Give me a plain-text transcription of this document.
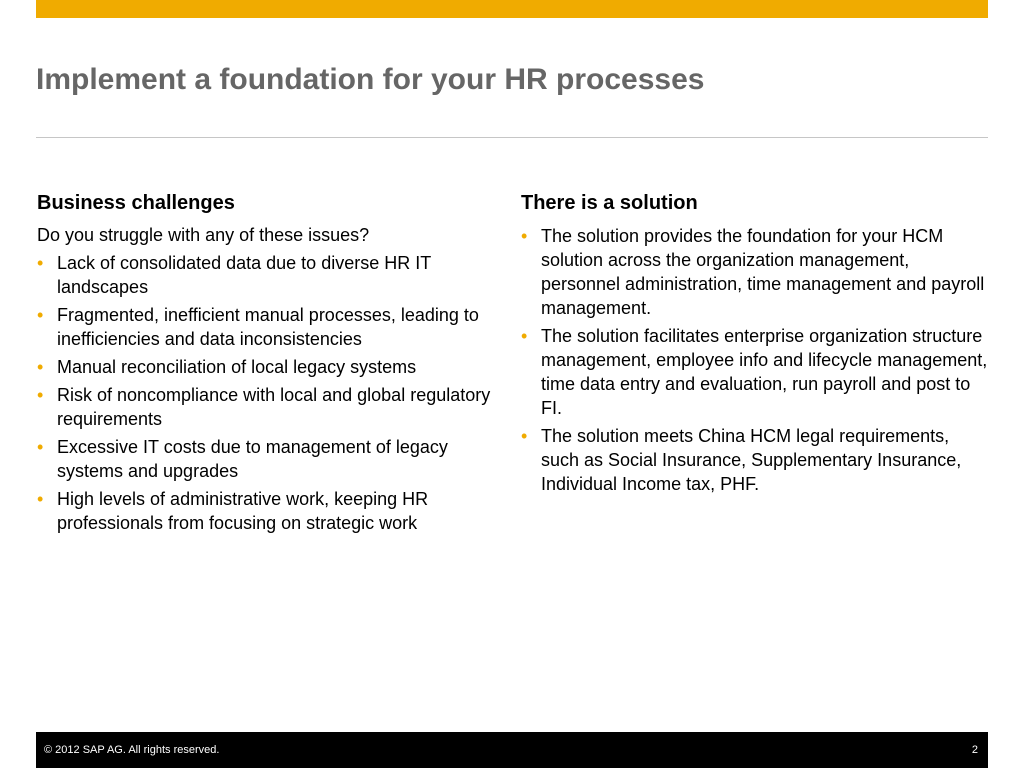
Implement a foundation for your HR processes
Business challenges

Do you struggle with any of these issues?

• Lack of consolidated data due to diverse HR IT landscapes
• Fragmented, inefficient manual processes, leading to inefficiencies and data inconsistencies
• Manual reconciliation of local legacy systems
• Risk of noncompliance with local and global regulatory requirements
• Excessive IT costs due to management of legacy systems and upgrades
• High levels of administrative work, keeping HR professionals from focusing on strategic work
There is a solution
• The solution provides the foundation for your HCM solution across the organization management, personnel administration, time management and payroll management.
• The solution facilitates enterprise organization structure management, employee info and lifecycle management, time data entry and evaluation, run payroll and post to FI.
• The solution meets China HCM legal requirements, such as Social Insurance, Supplementary Insurance, Individual Income tax, PHF.
© 2012 SAP AG. All rights reserved.	2
